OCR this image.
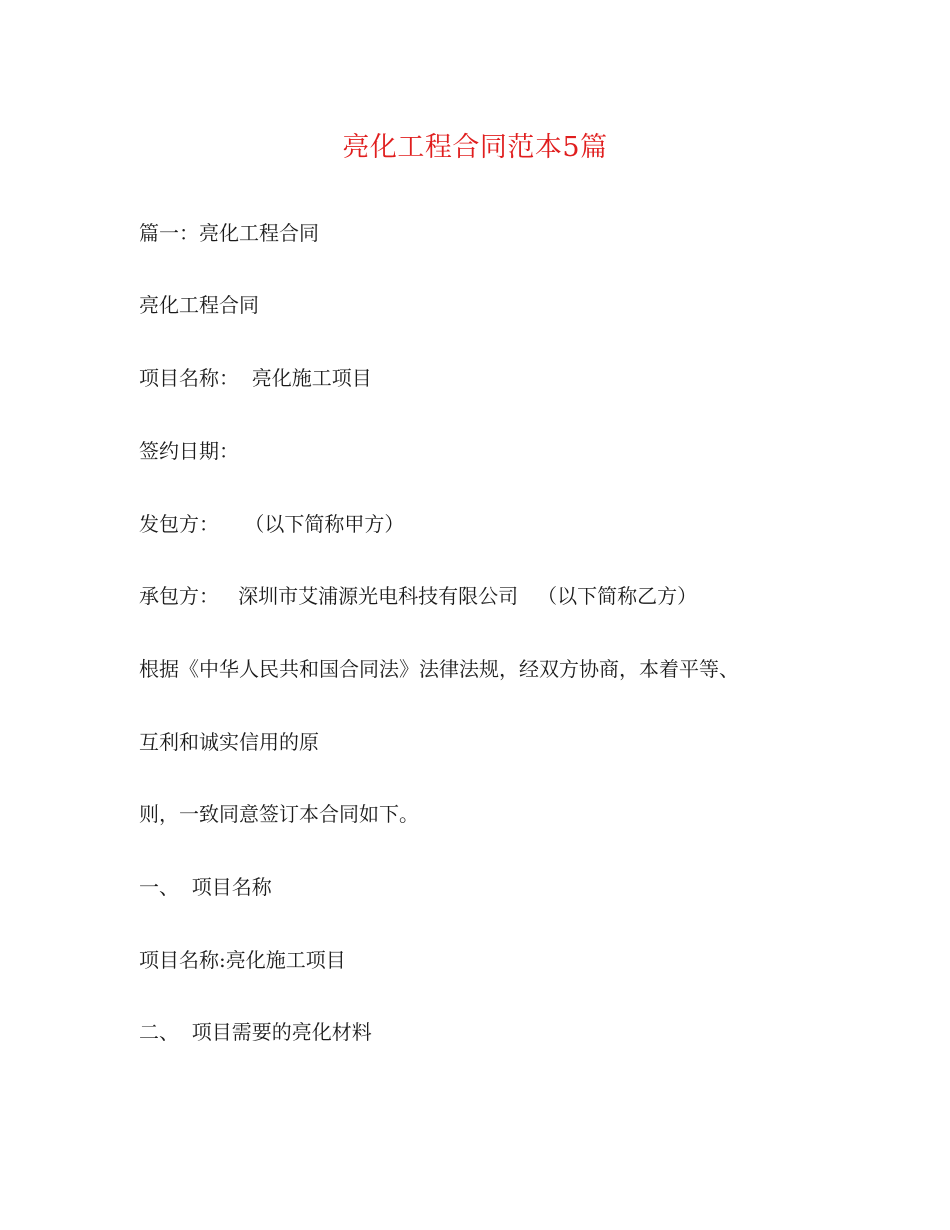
亮化工程合同范本5篇
篇一：亮化工程合同
亮化工程合同
项目名称：  亮化施工项目
签约日期：
发包方：    （以下简称甲方）
承包方：   深圳市艾浦源光电科技有限公司   （以下简称乙方）
根据《中华人民共和国合同法》法律法规，经双方协商，本着平等、
互利和诚实信用的原
则，一致同意签订本合同如下。
一、  项目名称
项目名称:亮化施工项目
二、  项目需要的亮化材料
